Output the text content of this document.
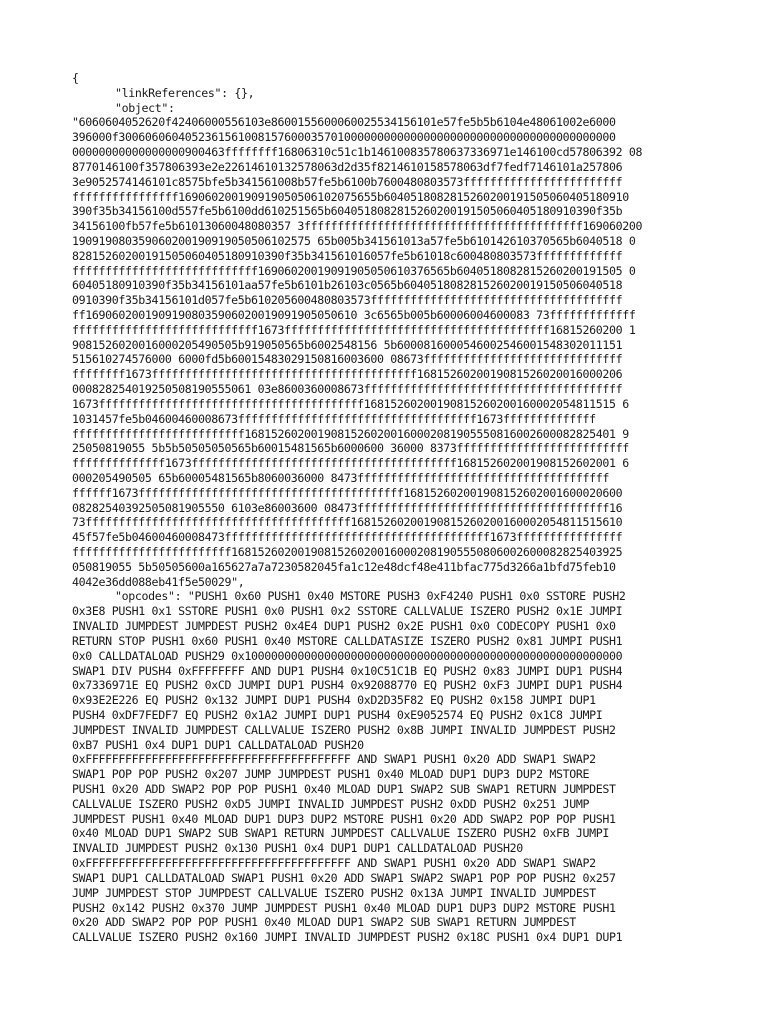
{
"linkReferences": {},
"object":
"6060604052620f42406000556103e8600155600060025534156101e57fe5b5b6104e48061002e6000
396000f300606060405236156100815760003570100000000000000000000000000000000000000000
00000000000000000900463ffffffff16806310c51c1b146100835780637336971e146100cd57806392 08
8770146100f357806393e2e22614610132578063d2d35f8214610158578063df7fedf7146101a257806
3e9052574146101c8575bfe5b341561008b57fe5b6100b7600480803573ffffffffffffffffffffffff
ffffffffffffffff169060200190919050506102075655b6040518082815260200191505060405180910
390f35b34156100d557fe5b6100dd610251565b6040518082815260200191505060405180910390f35b
34156100fb57fe5b61013060048080357 3ffffffffffffffffffffffffffffffffffffffffff169060200
190919080359060200190919050506102575 65b005b341561013a57fe5b610142610370565b6040518 0
82815260200191505060405180910390f35b341561016057fe5b61018c600480803573fffffffffffff
ffffffffffffffffffffffffffff16906020019091905050610376565b6040518082815260200191505 0
60405180910390f35b34156101aa57fe5b6101b26103c0565b604051808281526020019150506040518
0910390f35b34156101d057fe5b610205600480803573ffffffffffffffffffffffffffffffffffffff
ff16906020019091908035906020019091905050610 3c6565b005b60006004600083 73fffffffffffff
ffffffffffffffffffffffffffff1673ffffffffffffffffffffffffffffffffffffffff16815260200 1
9081526020016000205490505b919050565b6002548156 5b6000816000546002546001548302011151
515610274576000 6000fd5b60015483029150816003600 08673ffffffffffffffffffffffffffffff
ffffffff1673ffffffffffffffffffffffffffffffffffffffff1681526020019081526020016000206
000828254019250508190555061 03e8600360008673fffffffffffffffffffffffffffffffffffffff
1673ffffffffffffffffffffffffffffffffffffffff16815260200190815260200160002054811515 6
1031457fe5b04600460008673ffffffffffffffffffffffffffffffffffff1673ffffffffffffff
ffffffffffffffffffffffffff16815260200190815260200160002081905550816002600082825401 9
25050819055 5b5b50505050565b60015481565b6000600 36000 8373ffffffffffffffffffffffffff
ffffffffffffff1673ffffffffffffffffffffffffffffffffffffffff168152602001908152602001 6
000205490505 65b60005481565b8060036000 8473ffffffffffffffffffffffffffffffffffffff
ffffff1673ffffffffffffffffffffffffffffffffffffffff168152602001908152602001600020600
08282540392505081905550 6103e86003600 08473ffffffffffffffffffffffffffffffffffffff16
73ffffffffffffffffffffffffffffffffffffffff16815260200190815260200160002054811515610
45f57fe5b04600460008473ffffffffffffffffffffffffffffffffffffffff1673ffffffffffffffff
ffffffffffffffffffffffff16815260200190815260200160002081905550806002600082825403925
050819055 5b50505600a165627a7a7230582045fa1c12e48dcf48e411bfac775d3266a1bfd75feb10
4042e36dd088eb41f5e50029",
"opcodes": "PUSH1 0x60 PUSH1 0x40 MSTORE PUSH3 0xF4240 PUSH1 0x0 SSTORE PUSH2
0x3E8 PUSH1 0x1 SSTORE PUSH1 0x0 PUSH1 0x2 SSTORE CALLVALUE ISZERO PUSH2 0x1E JUMPI
INVALID JUMPDEST JUMPDEST PUSH2 0x4E4 DUP1 PUSH2 0x2E PUSH1 0x0 CODECOPY PUSH1 0x0
RETURN STOP PUSH1 0x60 PUSH1 0x40 MSTORE CALLDATASIZE ISZERO PUSH2 0x81 JUMPI PUSH1
0x0 CALLDATALOAD PUSH29 0x100000000000000000000000000000000000000000000000000000000
SWAP1 DIV PUSH4 0xFFFFFFFF AND DUP1 PUSH4 0x10C51C1B EQ PUSH2 0x83 JUMPI DUP1 PUSH4
0x7336971E EQ PUSH2 0xCD JUMPI DUP1 PUSH4 0x92088770 EQ PUSH2 0xF3 JUMPI DUP1 PUSH4
0x93E2E226 EQ PUSH2 0x132 JUMPI DUP1 PUSH4 0xD2D35F82 EQ PUSH2 0x158 JUMPI DUP1
PUSH4 0xDF7FEDF7 EQ PUSH2 0x1A2 JUMPI DUP1 PUSH4 0xE9052574 EQ PUSH2 0x1C8 JUMPI
JUMPDEST INVALID JUMPDEST CALLVALUE ISZERO PUSH2 0x8B JUMPI INVALID JUMPDEST PUSH2
0xB7 PUSH1 0x4 DUP1 DUP1 CALLDATALOAD PUSH20
0xFFFFFFFFFFFFFFFFFFFFFFFFFFFFFFFFFFFFFFFF AND SWAP1 PUSH1 0x20 ADD SWAP1 SWAP2
SWAP1 POP POP PUSH2 0x207 JUMP JUMPDEST PUSH1 0x40 MLOAD DUP1 DUP3 DUP2 MSTORE
PUSH1 0x20 ADD SWAP2 POP POP PUSH1 0x40 MLOAD DUP1 SWAP2 SUB SWAP1 RETURN JUMPDEST
CALLVALUE ISZERO PUSH2 0xD5 JUMPI INVALID JUMPDEST PUSH2 0xDD PUSH2 0x251 JUMP
JUMPDEST PUSH1 0x40 MLOAD DUP1 DUP3 DUP2 MSTORE PUSH1 0x20 ADD SWAP2 POP POP PUSH1
0x40 MLOAD DUP1 SWAP2 SUB SWAP1 RETURN JUMPDEST CALLVALUE ISZERO PUSH2 0xFB JUMPI
INVALID JUMPDEST PUSH2 0x130 PUSH1 0x4 DUP1 DUP1 CALLDATALOAD PUSH20
0xFFFFFFFFFFFFFFFFFFFFFFFFFFFFFFFFFFFFFFFF AND SWAP1 PUSH1 0x20 ADD SWAP1 SWAP2
SWAP1 DUP1 CALLDATALOAD SWAP1 PUSH1 0x20 ADD SWAP1 SWAP2 SWAP1 POP POP PUSH2 0x257
JUMP JUMPDEST STOP JUMPDEST CALLVALUE ISZERO PUSH2 0x13A JUMPI INVALID JUMPDEST
PUSH2 0x142 PUSH2 0x370 JUMP JUMPDEST PUSH1 0x40 MLOAD DUP1 DUP3 DUP2 MSTORE PUSH1
0x20 ADD SWAP2 POP POP PUSH1 0x40 MLOAD DUP1 SWAP2 SUB SWAP1 RETURN JUMPDEST
CALLVALUE ISZERO PUSH2 0x160 JUMPI INVALID JUMPDEST PUSH2 0x18C PUSH1 0x4 DUP1 DUP1
